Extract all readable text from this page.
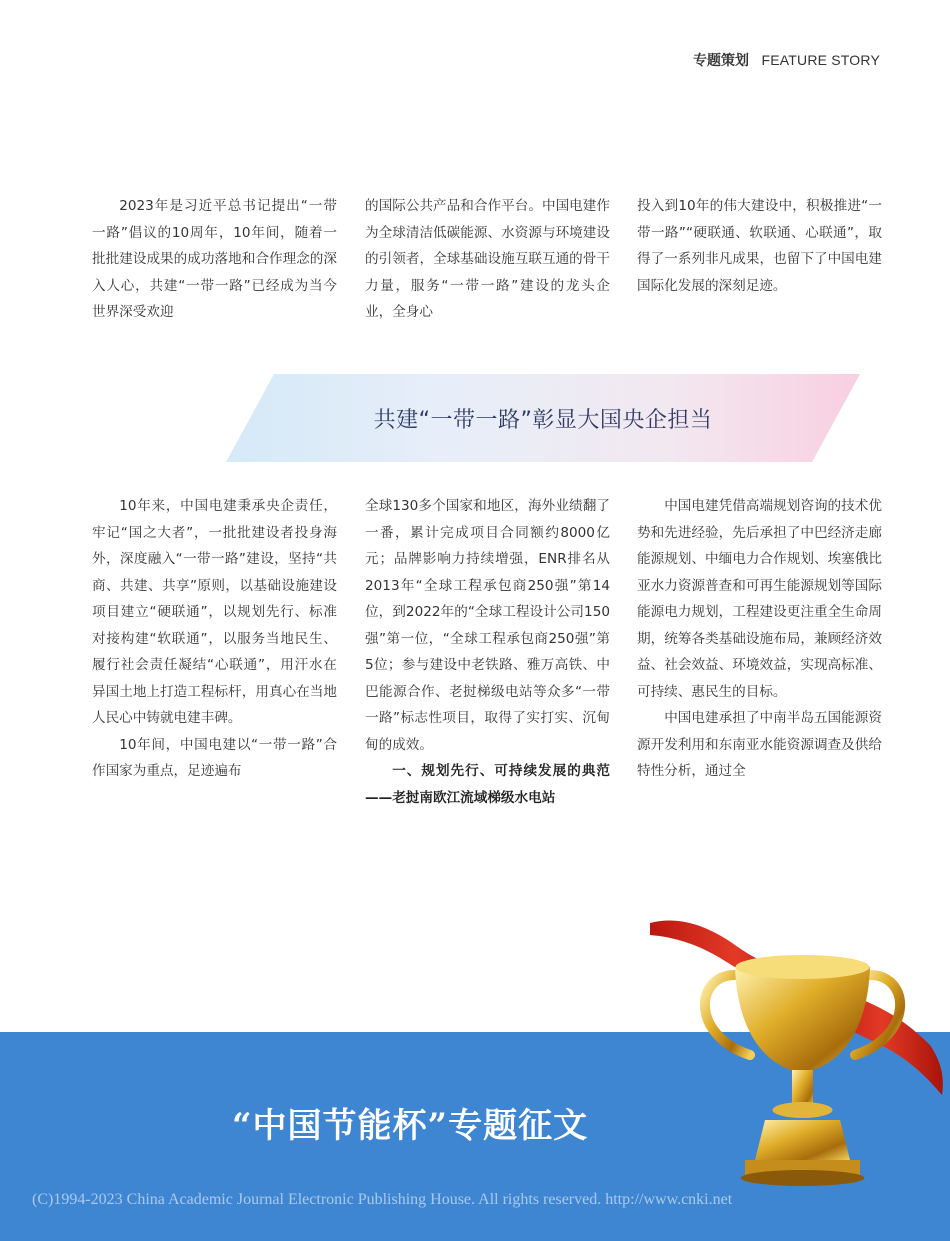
专题策划 FEATURE STORY

2023年是习近平总书记提出“一带一路”倡议的10周年，10年间，随着一批批建设成果的成功落地和合作理念的深入人心，共建“一带一路”已经成为当今世界深受欢迎

的国际公共产品和合作平台。中国电建作为全球清洁低碳能源、水资源与环境建设的引领者，全球基础设施互联互通的骨干力量，服务“一带一路”建设的龙头企业，全身心

投入到10年的伟大建设中，积极推进“一带一路”“硬联通、软联通、心联通”，取得了一系列非凡成果，也留下了中国电建国际化发展的深刻足迹。

共建“一带一路”彰显大国央企担当

10年来，中国电建秉承央企责任，牢记“国之大者”，一批批建设者投身海外，深度融入“一带一路”建设，坚持“共商、共建、共享”原则，以基础设施建设项目建立“硬联通”，以规划先行、标准对接构建“软联通”，以服务当地民生、履行社会责任凝结“心联通”，用汗水在异国土地上打造工程标杆，用真心在当地人民心中铸就电建丰碑。

10年间，中国电建以“一带一路”合作国家为重点，足迹遍布

全球130多个国家和地区，海外业绩翻了一番，累计完成项目合同额约8000亿元；品牌影响力持续增强，ENR排名从2013年“全球工程承包商250强”第14位，到2022年的“全球工程设计公司150强”第一位，“全球工程承包商250强”第5位；参与建设中老铁路、雅万高铁、中巴能源合作、老挝梯级电站等众多“一带一路”标志性项目，取得了实打实、沉甸甸的成效。

一、规划先行、可持续发展的典范——老挝南欧江流域梯级水电站

中国电建凭借高端规划咨询的技术优势和先进经验，先后承担了中巴经济走廊能源规划、中缅电力合作规划、埃塞俄比亚水力资源普查和可再生能源规划等国际能源电力规划，工程建设更注重全生命周期，统筹各类基础设施布局，兼顾经济效益、社会效益、环境效益，实现高标准、可持续、惠民生的目标。

中国电建承担了中南半岛五国能源资源开发利用和东南亚水能资源调查及供给特性分析，通过全

“中国节能杯”专题征文
(C)1994-2023 China Academic Journal Electronic Publishing House. All rights reserved. http://www.cnki.net
